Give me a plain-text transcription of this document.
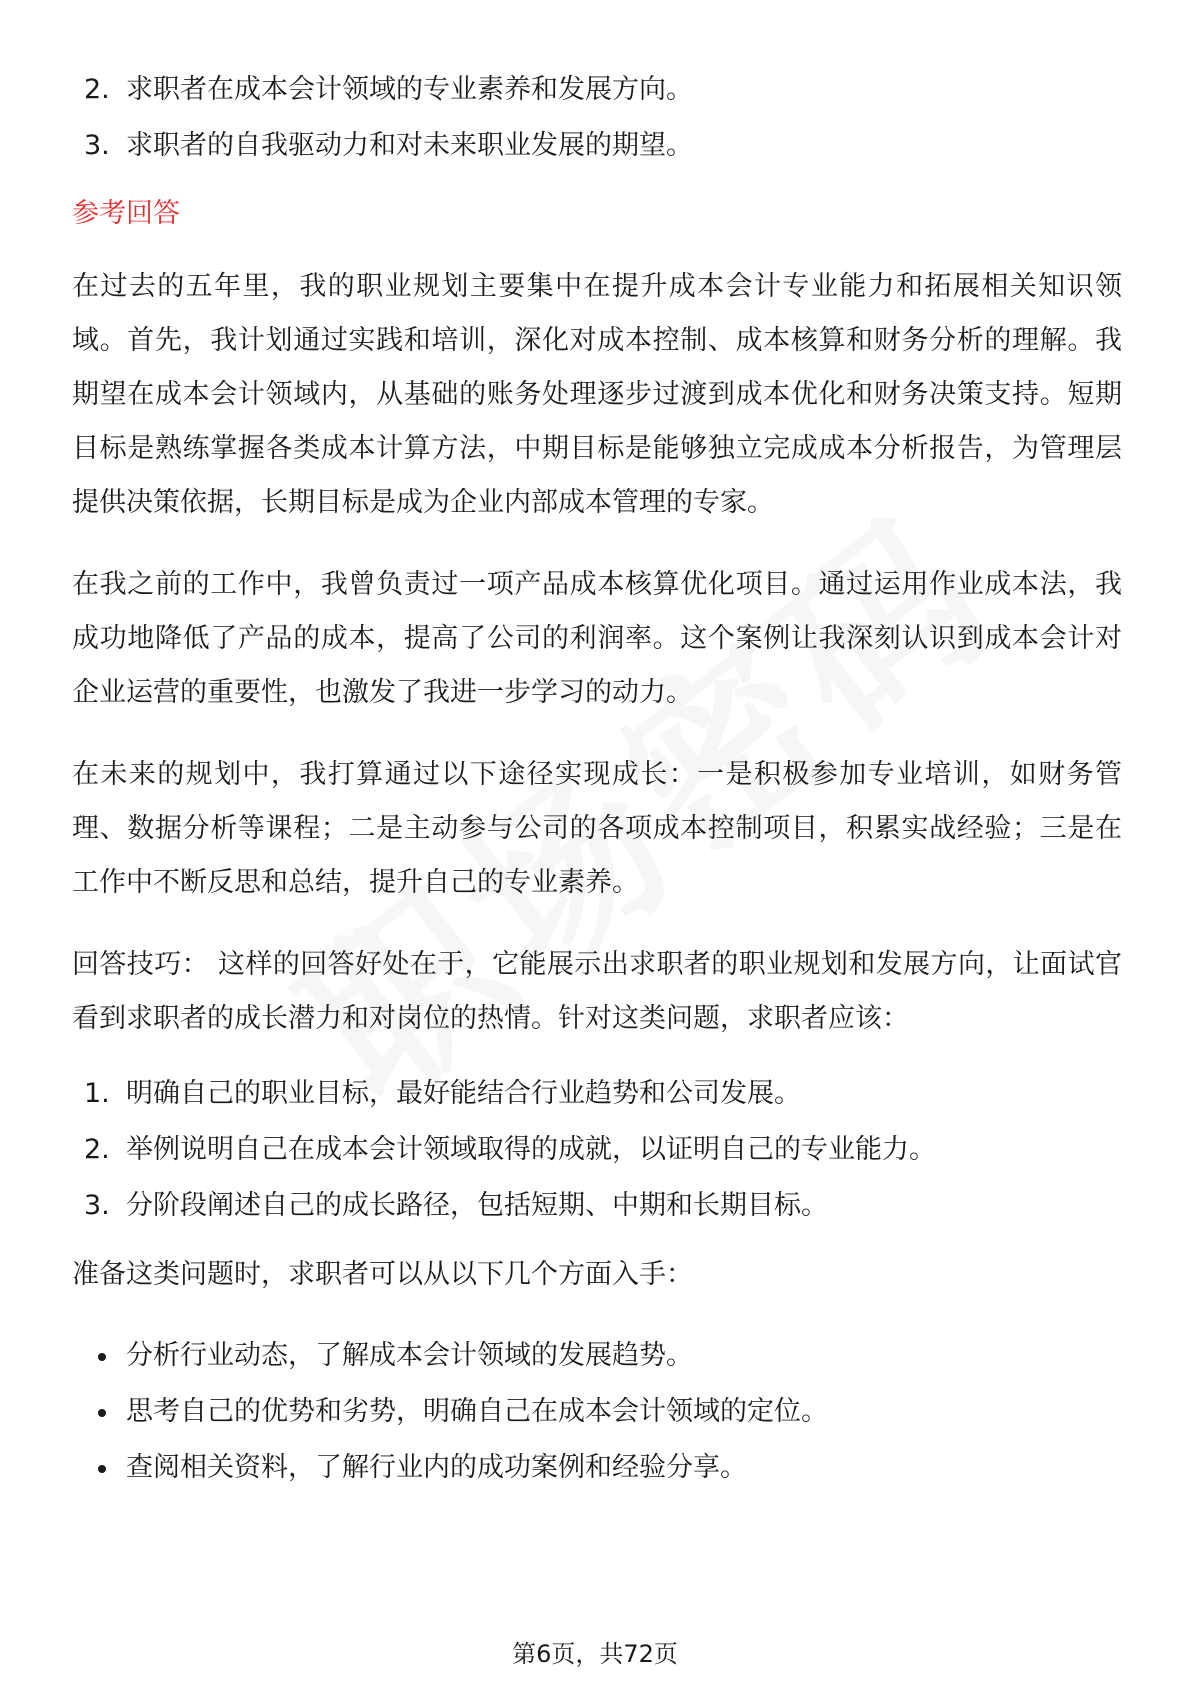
2. 求职者在成本会计领域的专业素养和发展方向。
3. 求职者的自我驱动力和对未来职业发展的期望。
参考回答

在过去的五年里，我的职业规划主要集中在提升成本会计专业能力和拓展相关知识领域。首先，我计划通过实践和培训，深化对成本控制、成本核算和财务分析的理解。我期望在成本会计领域内，从基础的账务处理逐步过渡到成本优化和财务决策支持。短期目标是熟练掌握各类成本计算方法，中期目标是能够独立完成成本分析报告，为管理层提供决策依据，长期目标是成为企业内部成本管理的专家。

在我之前的工作中，我曾负责过一项产品成本核算优化项目。通过运用作业成本法，我成功地降低了产品的成本，提高了公司的利润率。这个案例让我深刻认识到成本会计对企业运营的重要性，也激发了我进一步学习的动力。

在未来的规划中，我打算通过以下途径实现成长：一是积极参加专业培训，如财务管理、数据分析等课程；二是主动参与公司的各项成本控制项目，积累实战经验；三是在工作中不断反思和总结，提升自己的专业素养。

回答技巧： 这样的回答好处在于，它能展示出求职者的职业规划和发展方向，让面试官看到求职者的成长潜力和对岗位的热情。针对这类问题，求职者应该：

1. 明确自己的职业目标，最好能结合行业趋势和公司发展。
2. 举例说明自己在成本会计领域取得的成就，以证明自己的专业能力。
3. 分阶段阐述自己的成长路径，包括短期、中期和长期目标。

准备这类问题时，求职者可以从以下几个方面入手：

分析行业动态，了解成本会计领域的发展趋势。
思考自己的优势和劣势，明确自己在成本会计领域的定位。
查阅相关资料，了解行业内的成功案例和经验分享。
第6页，共72页
